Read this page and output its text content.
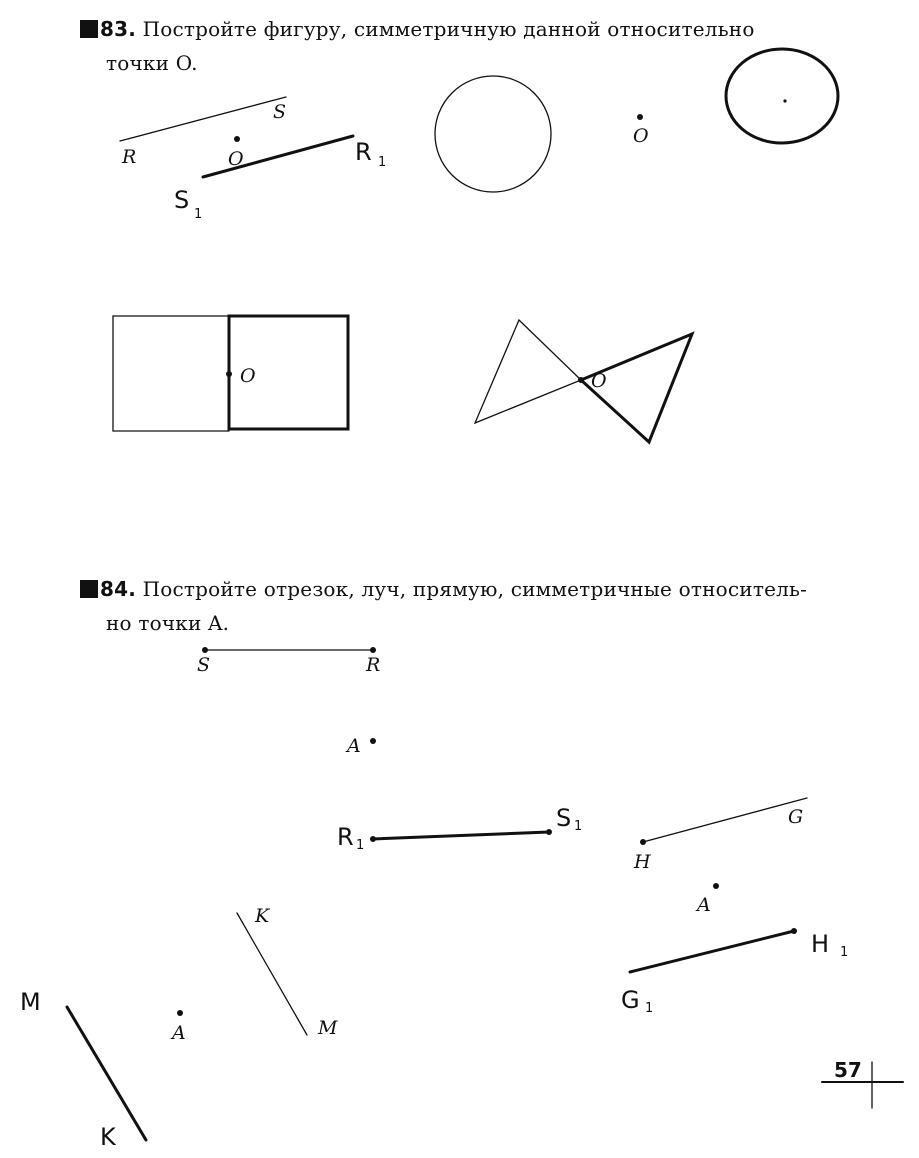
83. Постройте фигуру, симметричную данной относительно
точки O.
84. Постройте отрезок, луч, прямую, симметричные относитель-
но точки A.
R
S
O
O
O	O
S	R
A
H
G
A
K
M
A
R 1
S
1
R 1
S 1
H 1
G 1
M
K
57
